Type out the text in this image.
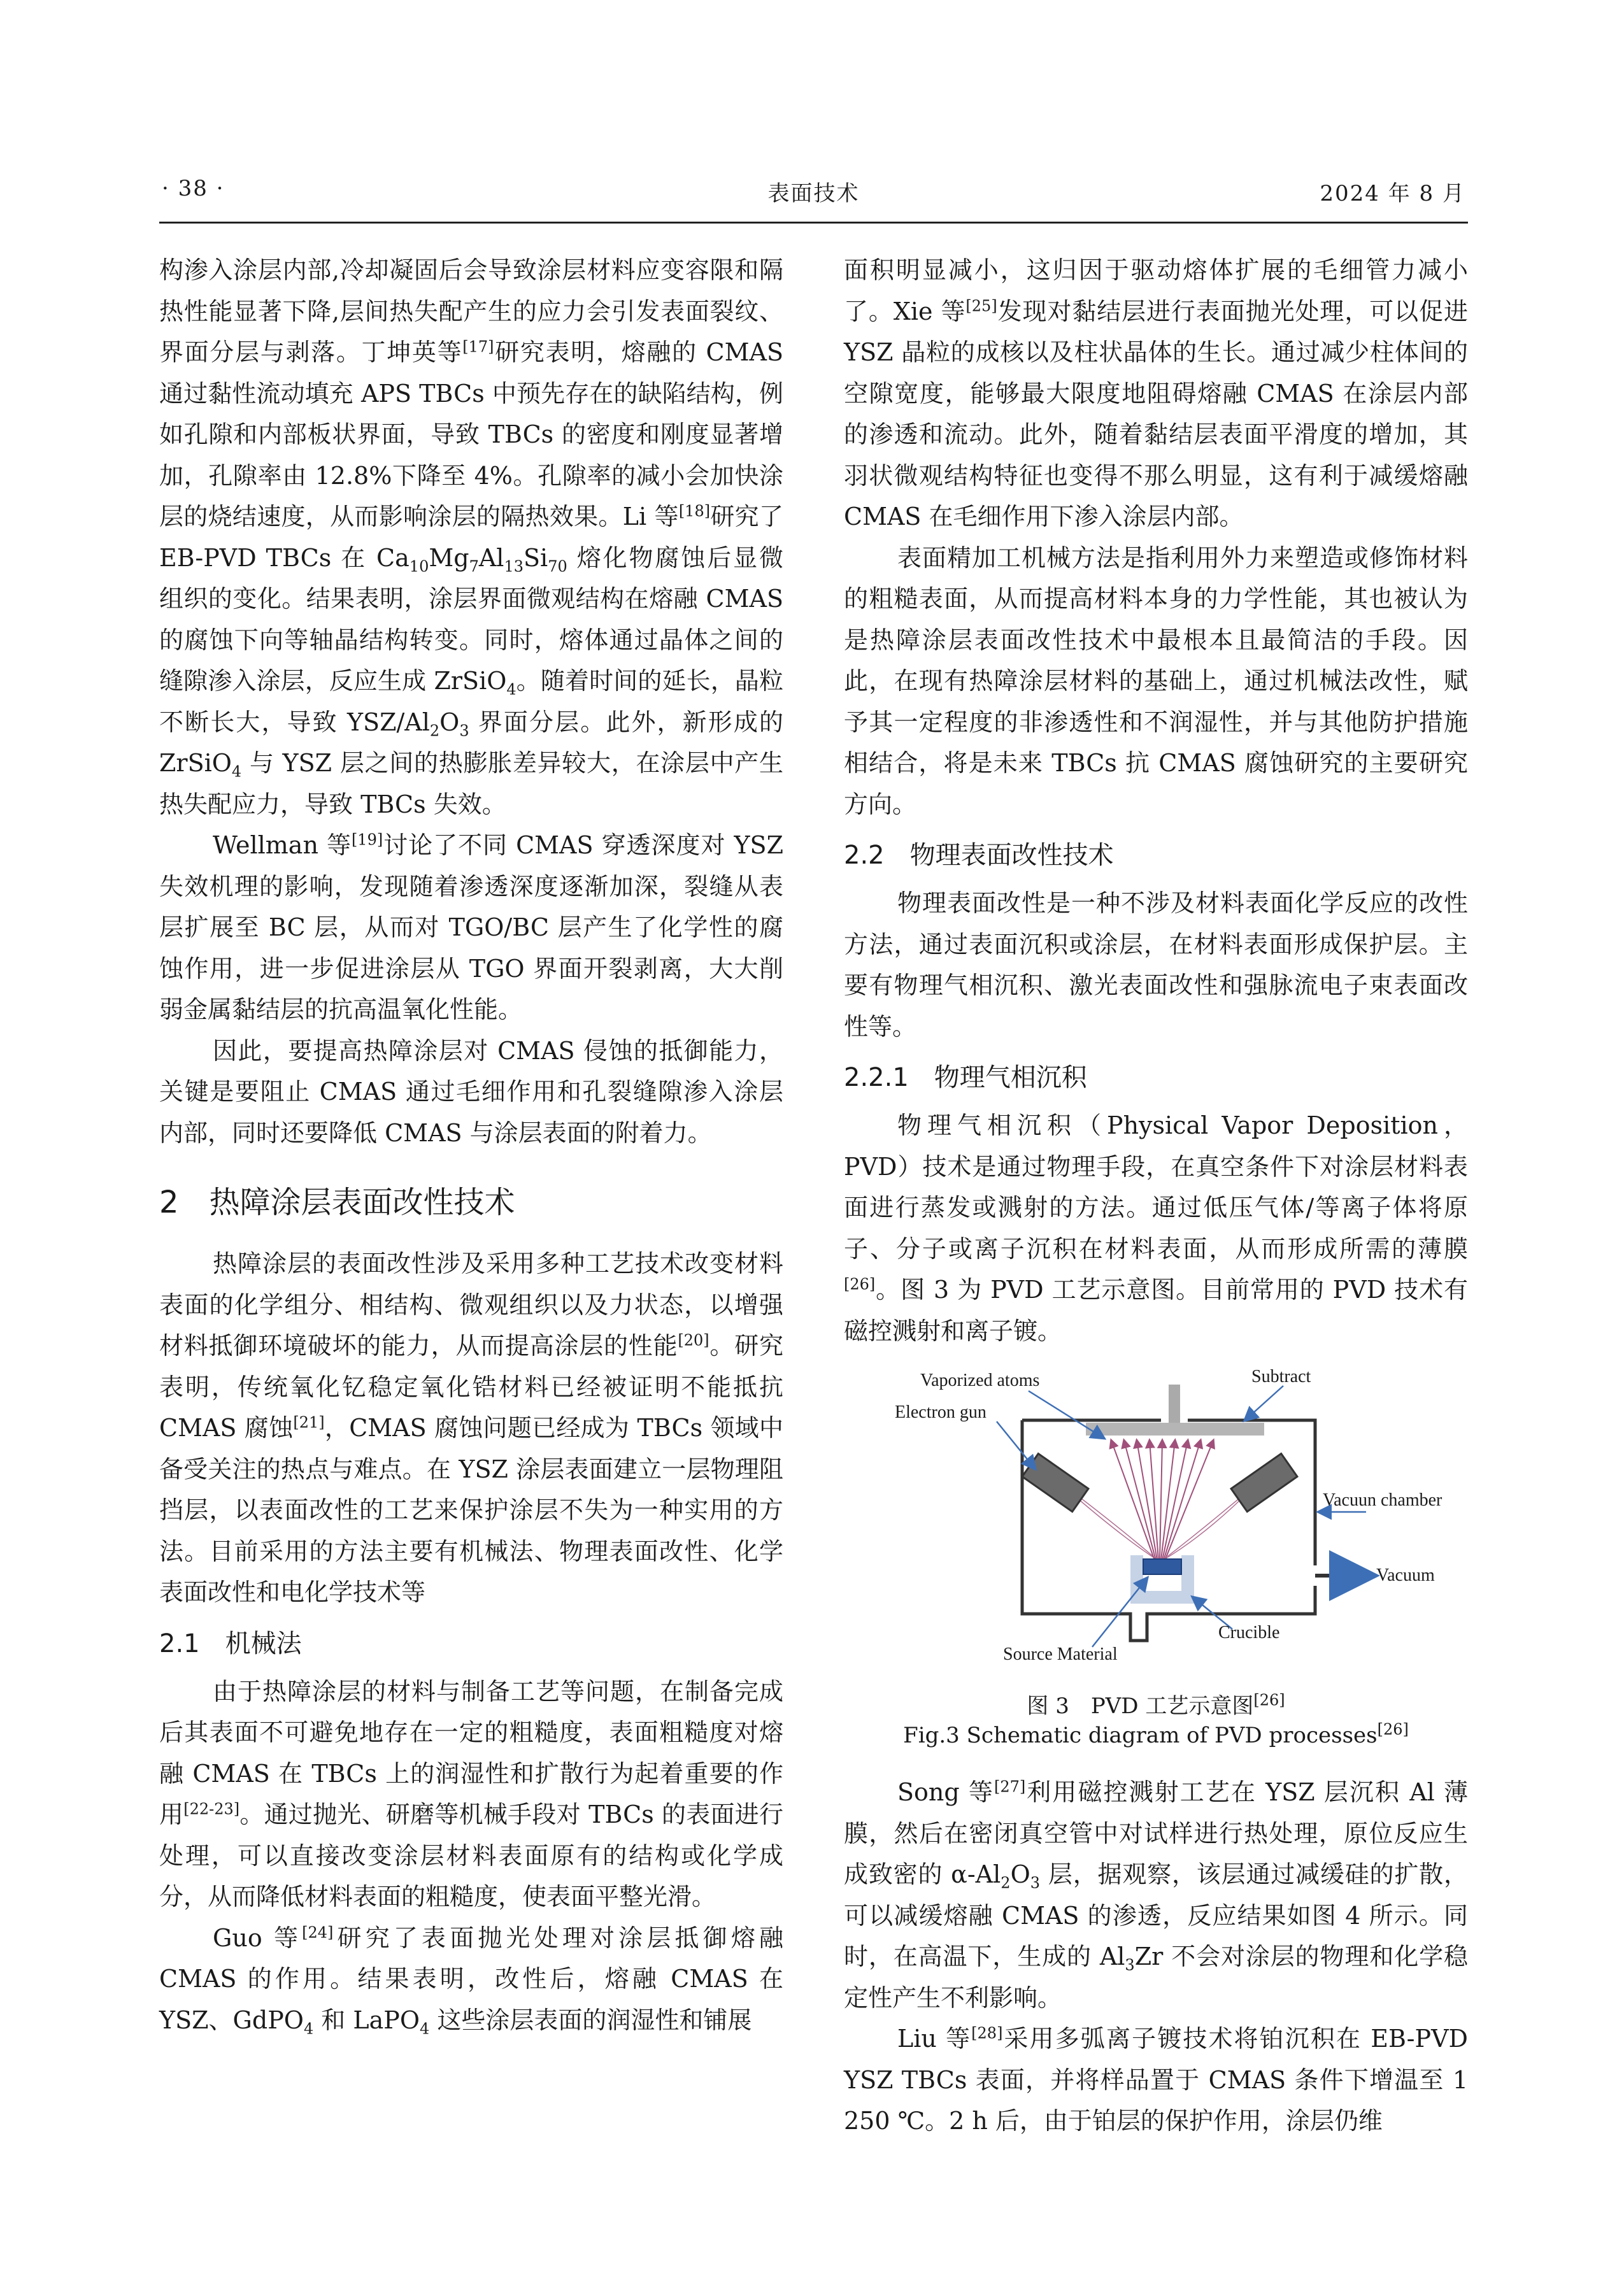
· 38 ·	表面技术	2024 年 8 月

构渗入涂层内部,冷却凝固后会导致涂层材料应变容限和隔热性能显著下降,层间热失配产生的应力会引发表面裂纹、界面分层与剥落。丁坤英等[17]研究表明，熔融的 CMAS 通过黏性流动填充 APS TBCs 中预先存在的缺陷结构，例如孔隙和内部板状界面，导致 TBCs 的密度和刚度显著增加，孔隙率由 12.8%下降至 4%。孔隙率的减小会加快涂层的烧结速度，从而影响涂层的隔热效果。Li 等[18]研究了 EB-PVD TBCs 在 $Ca_{10}Mg_7Al_{13}Si_{70}$ 熔化物腐蚀后显微组织的变化。结果表明，涂层界面微观结构在熔融 CMAS 的腐蚀下向等轴晶结构转变。同时，熔体通过晶体之间的缝隙渗入涂层，反应生成 ZrSiO$_4$。随着时间的延长，晶粒不断长大，导致 YSZ/$Al_2O_3$ 界面分层。此外，新形成的 ZrSiO$_4$ 与 YSZ 层之间的热膨胀差异较大，在涂层中产生热失配应力，导致 TBCs 失效。

Wellman 等[19]讨论了不同 CMAS 穿透深度对 YSZ 失效机理的影响，发现随着渗透深度逐渐加深，裂缝从表层扩展至 BC 层，从而对 TGO/BC 层产生了化学性的腐蚀作用，进一步促进涂层从 TGO 界面开裂剥离，大大削弱金属黏结层的抗高温氧化性能。

因此，要提高热障涂层对 CMAS 侵蚀的抵御能力，关键是要阻止 CMAS 通过毛细作用和孔裂缝隙渗入涂层内部，同时还要降低 CMAS 与涂层表面的附着力。

2 热障涂层表面改性技术

热障涂层的表面改性涉及采用多种工艺技术改变材料表面的化学组分、相结构、微观组织以及力状态，以增强材料抵御环境破坏的能力，从而提高涂层的性能[20]。研究表明，传统氧化钇稳定氧化锆材料已经被证明不能抵抗 CMAS 腐蚀[21]，CMAS 腐蚀问题已经成为 TBCs 领域中备受关注的热点与难点。在 YSZ 涂层表面建立一层物理阻挡层，以表面改性的工艺来保护涂层不失为一种实用的方法。目前采用的方法主要有机械法、物理表面改性、化学表面改性和电化学技术等

2.1 机械法

由于热障涂层的材料与制备工艺等问题，在制备完成后其表面不可避免地存在一定的粗糙度，表面粗糙度对熔融 CMAS 在 TBCs 上的润湿性和扩散行为起着重要的作用[22-23]。通过抛光、研磨等机械手段对 TBCs 的表面进行处理，可以直接改变涂层材料表面原有的结构或化学成分，从而降低材料表面的粗糙度，使表面平整光滑。

Guo 等[24]研究了表面抛光处理对涂层抵御熔融 CMAS 的作用。结果表明，改性后，熔融 CMAS 在 YSZ、GdPO$_4$ 和 LaPO$_4$ 这些涂层表面的润湿性和铺展

面积明显减小，这归因于驱动熔体扩展的毛细管力减小了。Xie 等[25]发现对黏结层进行表面抛光处理，可以促进 YSZ 晶粒的成核以及柱状晶体的生长。通过减少柱体间的空隙宽度，能够最大限度地阻碍熔融 CMAS 在涂层内部的渗透和流动。此外，随着黏结层表面平滑度的增加，其羽状微观结构特征也变得不那么明显，这有利于减缓熔融 CMAS 在毛细作用下渗入涂层内部。

表面精加工机械方法是指利用外力来塑造或修饰材料的粗糙表面，从而提高材料本身的力学性能，其也被认为是热障涂层表面改性技术中最根本且最简洁的手段。因此，在现有热障涂层材料的基础上，通过机械法改性，赋予其一定程度的非渗透性和不润湿性，并与其他防护措施相结合，将是未来 TBCs 抗 CMAS 腐蚀研究的主要研究方向。

2.2 物理表面改性技术

物理表面改性是一种不涉及材料表面化学反应的改性方法，通过表面沉积或涂层，在材料表面形成保护层。主要有物理气相沉积、激光表面改性和强脉流电子束表面改性等。

2.2.1 物理气相沉积

物理气相沉积（Physical Vapor Deposition，PVD）技术是通过物理手段，在真空条件下对涂层材料表面进行蒸发或溅射的方法。通过低压气体/等离子体将原子、分子或离子沉积在材料表面，从而形成所需的薄膜[26]。图 3 为 PVD 工艺示意图。目前常用的 PVD 技术有磁控溅射和离子镀。

Vaporized atoms	Subtract
Electron gun
Vacuun chamber
Vacuum
Crucible
Source Material
图 3　PVD 工艺示意图[26]
Fig.3 Schematic diagram of PVD processes[26]

Song 等[27]利用磁控溅射工艺在 YSZ 层沉积 Al 薄膜，然后在密闭真空管中对试样进行热处理，原位反应生成致密的 $\alpha-Al_2O_3$ 层，据观察，该层通过减缓硅的扩散，可以减缓熔融 CMAS 的渗透，反应结果如图 4 所示。同时，在高温下，生成的 $Al_3Zr$ 不会对涂层的物理和化学稳定性产生不利影响。

Liu 等[28]采用多弧离子镀技术将铂沉积在 EB-PVD YSZ TBCs 表面，并将样品置于 CMAS 条件下增温至 1 250 ℃。2 h 后，由于铂层的保护作用，涂层仍维
